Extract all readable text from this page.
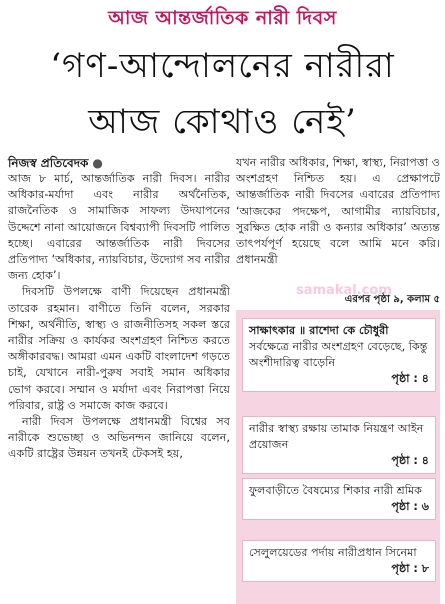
আজ আন্তর্জাতিক নারী দিবস
‘গণ-আন্দোলনের নারীরা
আজ কোথাও নেই’
নিজস্ব প্রতিবেদক ●

আজ ৮ মার্চ, আন্তর্জাতিক নারী দিবস। নারীর অধিকার-মর্যাদা এবং নারীর অর্থনৈতিক, রাজনৈতিক ও সামাজিক সাফল্য উদযাপনের উদ্দেশে নানা আয়োজনে বিশ্বব্যাপী দিবসটি পালিত হচ্ছে। এবারের আন্তর্জাতিক নারী দিবসের প্রতিপাদ্য ‘অধিকার, ন্যায়বিচার, উদ্যোগ সব নারীর জন্য হোক’।

দিবসটি উপলক্ষে বাণী দিয়েছেন প্রধানমন্ত্রী তারেক রহমান। বাণীতে তিনি বলেন, সরকার শিক্ষা, অর্থনীতি, স্বাস্থ্য ও রাজনীতিসহ সকল স্তরে নারীর সক্রিয় ও কার্যকর অংশগ্রহণ নিশ্চিত করতে অঙ্গীকারবদ্ধ। আমরা এমন একটি বাংলাদেশ গড়তে চাই, যেখানে নারী-পুরুষ সবাই সমান অধিকার ভোগ করবে। সম্মান ও মর্যাদা এবং নিরাপত্তা নিয়ে পরিবার, রাষ্ট্র ও সমাজে কাজ করবে।

নারী দিবস উপলক্ষে প্রধানমন্ত্রী বিশ্বের সব নারীকে শুভেচ্ছা ও অভিনন্দন জানিয়ে বলেন, একটি রাষ্ট্রের উন্নয়ন তখনই টেকসই হয়,

যখন নারীর অধিকার, শিক্ষা, স্বাস্থ্য, নিরাপত্তা ও অংশগ্রহণ নিশ্চিত হয়। এ প্রেক্ষাপটে আন্তর্জাতিক নারী দিবসের এবারের প্রতিপাদ্য ‘আজকের পদক্ষেপ, আগামীর ন্যায়বিচার, সুরক্ষিত হোক নারী ও কন্যার অধিকার’ অত্যন্ত তাৎপর্যপূর্ণ হয়েছে বলে আমি মনে করি। প্রধানমন্ত্রী

এরপর পৃষ্ঠা ৯, কলাম ৫
samakal.com
সাক্ষাৎকার ॥ রাশেদা কে চৌধুরী
সর্বক্ষেত্রে নারীর অংশগ্রহণ বেড়েছে, কিন্তু অংশীদারিত্ব বাড়েনি
পৃষ্ঠা : ৪
নারীর স্বাস্থ্য রক্ষায় তামাক নিয়ন্ত্রণ আইন প্রয়োজন
পৃষ্ঠা : ৪
ফুলবাড়ীতে বৈষম্যের শিকার নারী শ্রমিক
পৃষ্ঠা : ৬
সেলুলয়েডের পর্দায় নারীপ্রধান সিনেমা
পৃষ্ঠা : ৮
